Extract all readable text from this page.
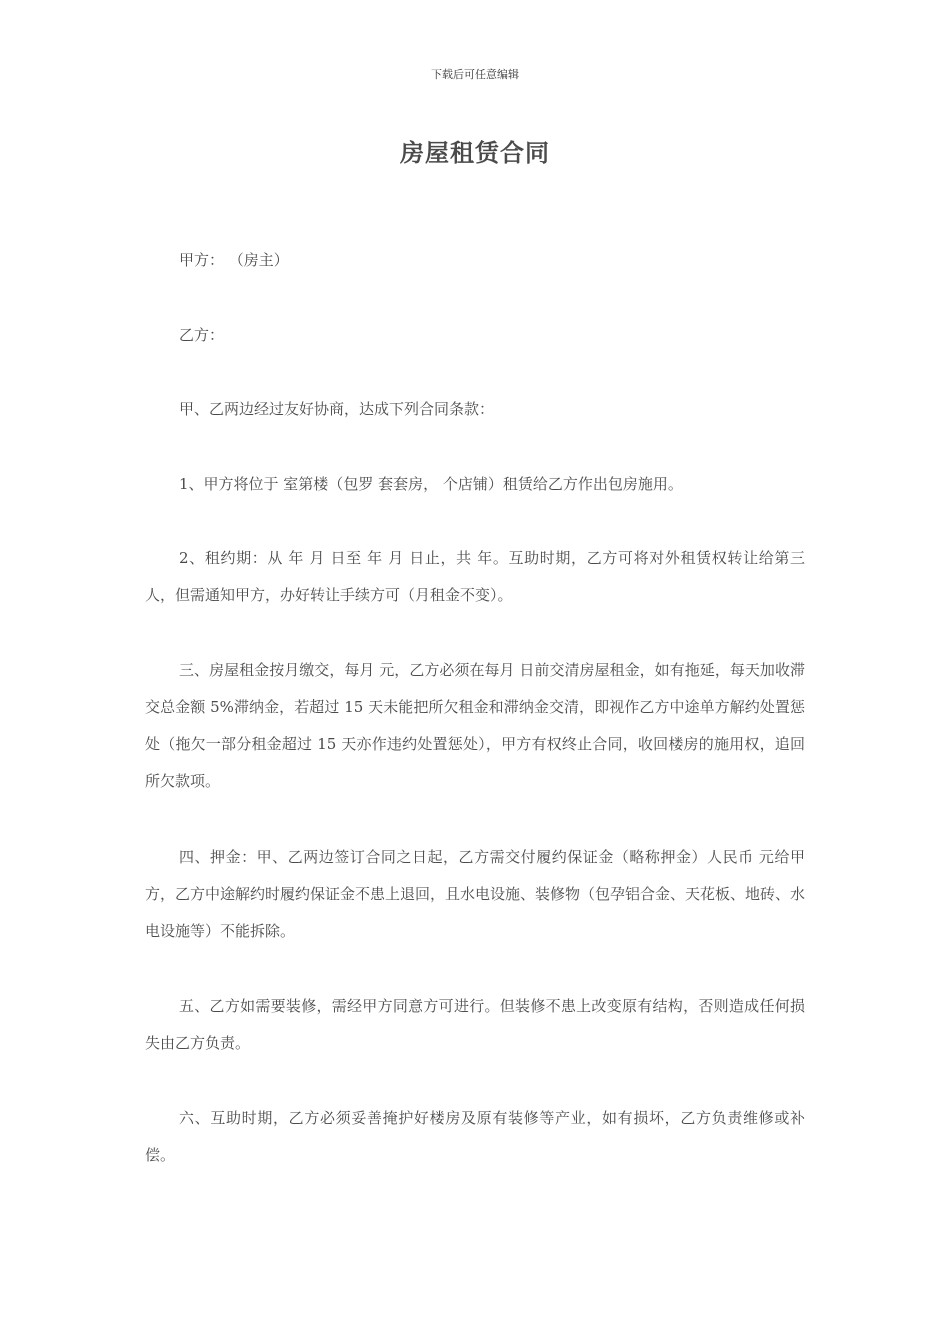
下载后可任意编辑
房屋租赁合同

甲方： （房主）

乙方：

甲、乙两边经过友好协商，达成下列合同条款：

1、甲方将位于 室第楼（包罗 套套房， 个店铺）租赁给乙方作出包房施用。

2、租约期：从 年 月 日至 年 月 日止，共 年。互助时期，乙方可将对外租赁权转让给第三人，但需通知甲方，办好转让手续方可（月租金不变）。

三、房屋租金按月缴交，每月 元，乙方必须在每月 日前交清房屋租金，如有拖延，每天加收滞交总金额 5%滞纳金，若超过 15 天未能把所欠租金和滞纳金交清，即视作乙方中途单方解约处置惩处（拖欠一部分租金超过 15 天亦作违约处置惩处），甲方有权终止合同，收回楼房的施用权，追回所欠款项。

四、押金：甲、乙两边签订合同之日起，乙方需交付履约保证金（略称押金）人民币 元给甲方，乙方中途解约时履约保证金不患上退回，且水电设施、装修物（包孕铝合金、天花板、地砖、水电设施等）不能拆除。

五、乙方如需要装修，需经甲方同意方可进行。但装修不患上改变原有结构，否则造成任何损失由乙方负责。

六、互助时期，乙方必须妥善掩护好楼房及原有装修等产业，如有损坏，乙方负责维修或补偿。
